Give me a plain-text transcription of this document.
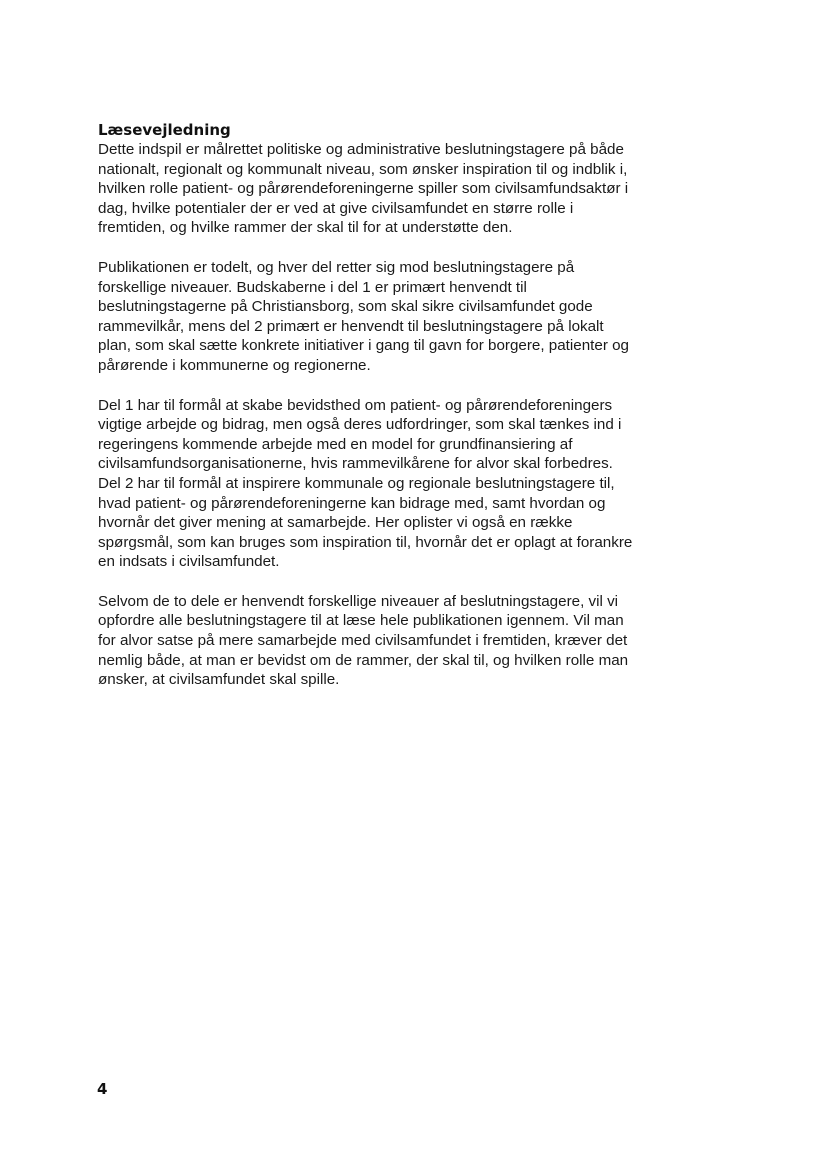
Læsevejledning

Dette indspil er målrettet politiske og administrative beslutningstagere på både
nationalt, regionalt og kommunalt niveau, som ønsker inspiration til og indblik i,
hvilken rolle patient- og pårørendeforeningerne spiller som civilsamfundsaktør i
dag, hvilke potentialer der er ved at give civilsamfundet en større rolle i
fremtiden, og hvilke rammer der skal til for at understøtte den.

Publikationen er todelt, og hver del retter sig mod beslutningstagere på
forskellige niveauer. Budskaberne i del 1 er primært henvendt til
beslutningstagerne på Christiansborg, som skal sikre civilsamfundet gode
rammevilkår, mens del 2 primært er henvendt til beslutningstagere på lokalt
plan, som skal sætte konkrete initiativer i gang til gavn for borgere, patienter og
pårørende i kommunerne og regionerne.

Del 1 har til formål at skabe bevidsthed om patient- og pårørendeforeningers
vigtige arbejde og bidrag, men også deres udfordringer, som skal tænkes ind i
regeringens kommende arbejde med en model for grundfinansiering af
civilsamfundsorganisationerne, hvis rammevilkårene for alvor skal forbedres.
Del 2 har til formål at inspirere kommunale og regionale beslutningstagere til,
hvad patient- og pårørendeforeningerne kan bidrage med, samt hvordan og
hvornår det giver mening at samarbejde. Her oplister vi også en række
spørgsmål, som kan bruges som inspiration til, hvornår det er oplagt at forankre
en indsats i civilsamfundet.

Selvom de to dele er henvendt forskellige niveauer af beslutningstagere, vil vi
opfordre alle beslutningstagere til at læse hele publikationen igennem. Vil man
for alvor satse på mere samarbejde med civilsamfundet i fremtiden, kræver det
nemlig både, at man er bevidst om de rammer, der skal til, og hvilken rolle man
ønsker, at civilsamfundet skal spille.

4
